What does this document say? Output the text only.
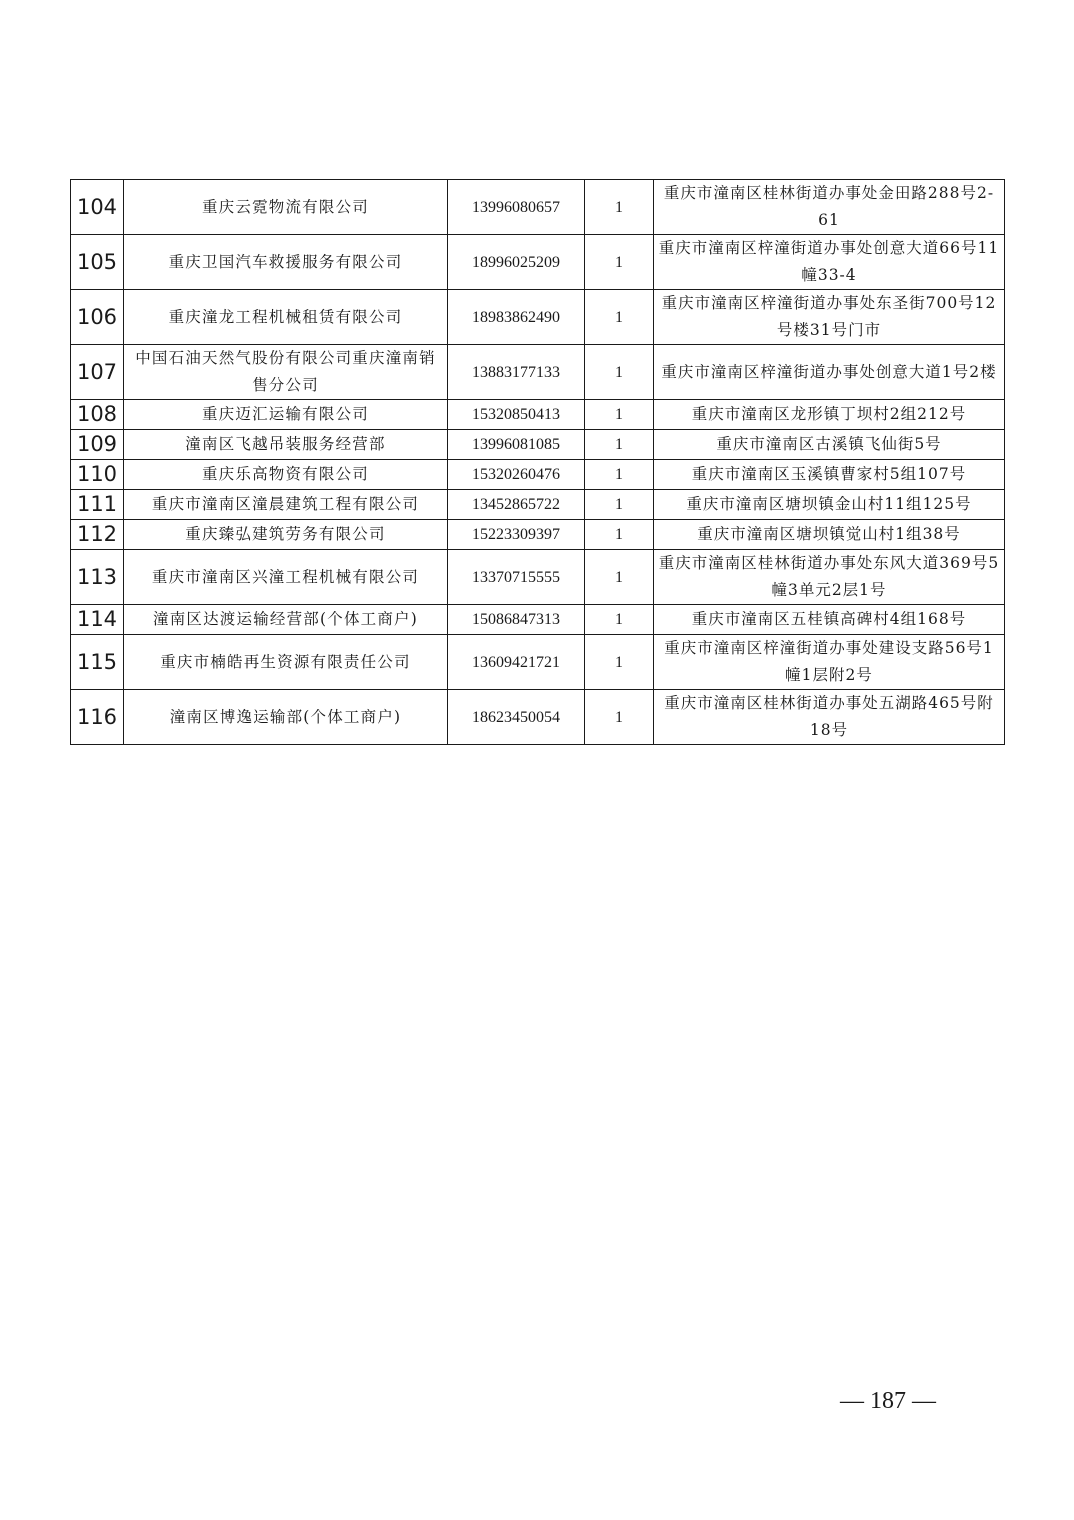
104	重庆云霓物流有限公司	13996080657	1	重庆市潼南区桂林街道办事处金田路288号2-61
105	重庆卫国汽车救援服务有限公司	18996025209	1	重庆市潼南区梓潼街道办事处创意大道66号11幢33-4
106	重庆潼龙工程机械租赁有限公司	18983862490	1	重庆市潼南区梓潼街道办事处东圣街700号12号楼31号门市
107	中国石油天然气股份有限公司重庆潼南销售分公司	13883177133	1	重庆市潼南区梓潼街道办事处创意大道1号2楼
108	重庆迈汇运输有限公司	15320850413	1	重庆市潼南区龙形镇丁坝村2组212号
109	潼南区飞越吊装服务经营部	13996081085	1	重庆市潼南区古溪镇飞仙街5号
110	重庆乐高物资有限公司	15320260476	1	重庆市潼南区玉溪镇曹家村5组107号
111	重庆市潼南区潼晨建筑工程有限公司	13452865722	1	重庆市潼南区塘坝镇金山村11组125号
112	重庆臻弘建筑劳务有限公司	15223309397	1	重庆市潼南区塘坝镇觉山村1组38号
113	重庆市潼南区兴潼工程机械有限公司	13370715555	1	重庆市潼南区桂林街道办事处东风大道369号5幢3单元2层1号
114	潼南区达渡运输经营部(个体工商户)	15086847313	1	重庆市潼南区五桂镇高碑村4组168号
115	重庆市楠皓再生资源有限责任公司	13609421721	1	重庆市潼南区梓潼街道办事处建设支路56号1幢1层附2号
116	潼南区博逸运输部(个体工商户)	18623450054	1	重庆市潼南区桂林街道办事处五湖路465号附18号
— 187 —
